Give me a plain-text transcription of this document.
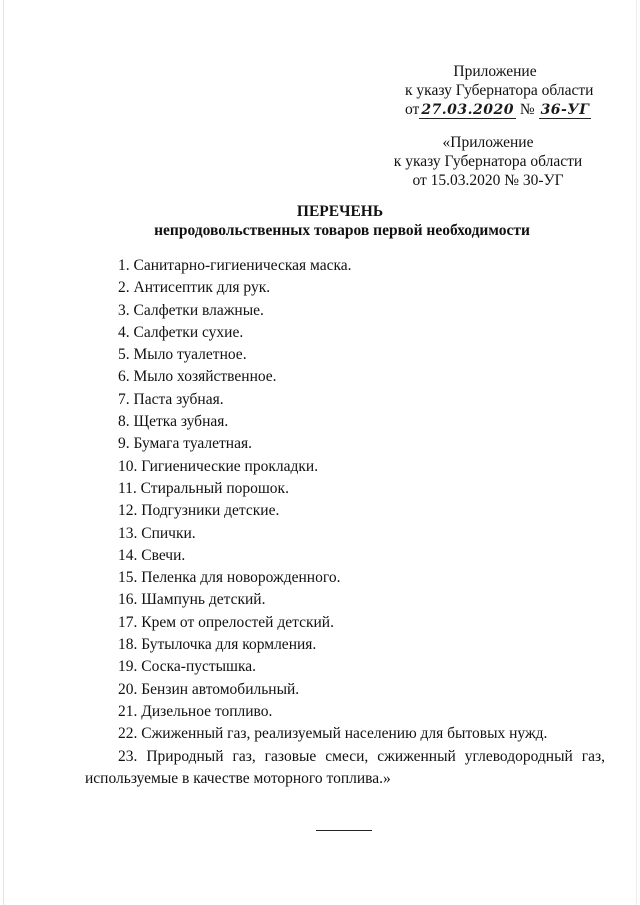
Приложение
к указу Губернатора области
от 27.03.2020 № 36-УГ
«Приложение
к указу Губернатора области
от 15.03.2020 № 30-УГ
ПЕРЕЧЕНЬ
непродовольственных товаров первой необходимости
1. Санитарно-гигиеническая маска.
2. Антисептик для рук.
3. Салфетки влажные.
4. Салфетки сухие.
5. Мыло туалетное.
6. Мыло хозяйственное.
7. Паста зубная.
8. Щетка зубная.
9. Бумага туалетная.
10. Гигиенические прокладки.
11. Стиральный порошок.
12. Подгузники детские.
13. Спички.
14. Свечи.
15. Пеленка для новорожденного.
16. Шампунь детский.
17. Крем от опрелостей детский.
18. Бутылочка для кормления.
19. Соска-пустышка.
20. Бензин автомобильный.
21. Дизельное топливо.
22. Сжиженный газ, реализуемый населению для бытовых нужд.
23. Природный газ, газовые смеси, сжиженный углеводородный газ, используемые в качестве моторного топлива.»
